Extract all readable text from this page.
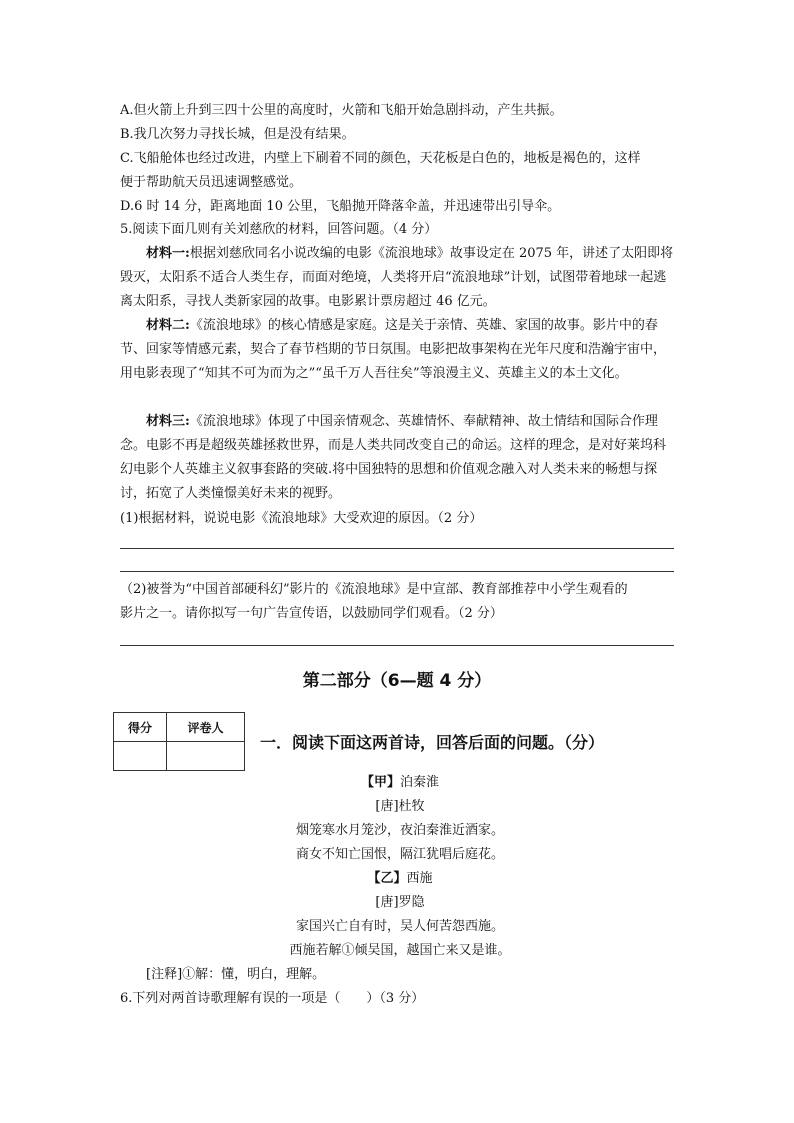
A.但火箭上升到三四十公里的高度时，火箭和飞船开始急剧抖动，产生共振。
B.我几次努力寻找长城，但是没有结果。
C.飞船舱体也经过改进，内壁上下刷着不同的颜色，天花板是白色的，地板是褐色的，这样
便于帮助航天员迅速调整感觉。
D.6 时 14 分，距离地面 10 公里，飞船抛开降落伞盖，并迅速带出引导伞。
5.阅读下面几则有关刘慈欣的材料，回答问题。（4 分）
材料一:根据刘慈欣同名小说改编的电影《流浪地球》故事设定在 2075 年，讲述了太阳即将毁灭，太阳系不适合人类生存，而面对绝境，人类将开启“流浪地球”计划，试图带着地球一起逃离太阳系，寻找人类新家园的故事。电影累计票房超过 46 亿元。
材料二:《流浪地球》的核心情感是家庭。这是关于亲情、英雄、家国的故事。影片中的春节、回家等情感元素，契合了春节档期的节日氛围。电影把故事架构在光年尺度和浩瀚宇宙中，用电影表现了“知其不可为而为之”“虽千万人吾往矣”等浪漫主义、英雄主义的本土文化。
材料三:《流浪地球》体现了中国亲情观念、英雄情怀、奉献精神、故土情结和国际合作理念。电影不再是超级英雄拯救世界，而是人类共同改变自己的命运。这样的理念，是对好莱坞科幻电影个人英雄主义叙事套路的突破.将中国独特的思想和价值观念融入对人类未来的畅想与探讨，拓宽了人类憧憬美好未来的视野。
(1)根据材料，说说电影《流浪地球》大受欢迎的原因。（2 分）
（2)被誉为“中国首部硬科幻”影片的《流浪地球》是中宣部、教育部推荐中小学生观看的
影片之一。请你拟写一句广告宣传语，以鼓励同学们观看。（2 分）
第二部分（6—题 4 分）
得分	评卷人

一．阅读下面这两首诗，回答后面的问题。（分）
【甲】泊秦淮
[唐]杜牧
烟笼寒水月笼沙，夜泊秦淮近酒家。
商女不知亡国恨，隔江犹唱后庭花。
【乙】西施
[唐]罗隐
家国兴亡自有时，吴人何苦怨西施。
西施若解①倾吴国，越国亡来又是谁。
[注释]①解：懂，明白，理解。
6.下列对两首诗歌理解有误的一项是（　　）（3 分）
